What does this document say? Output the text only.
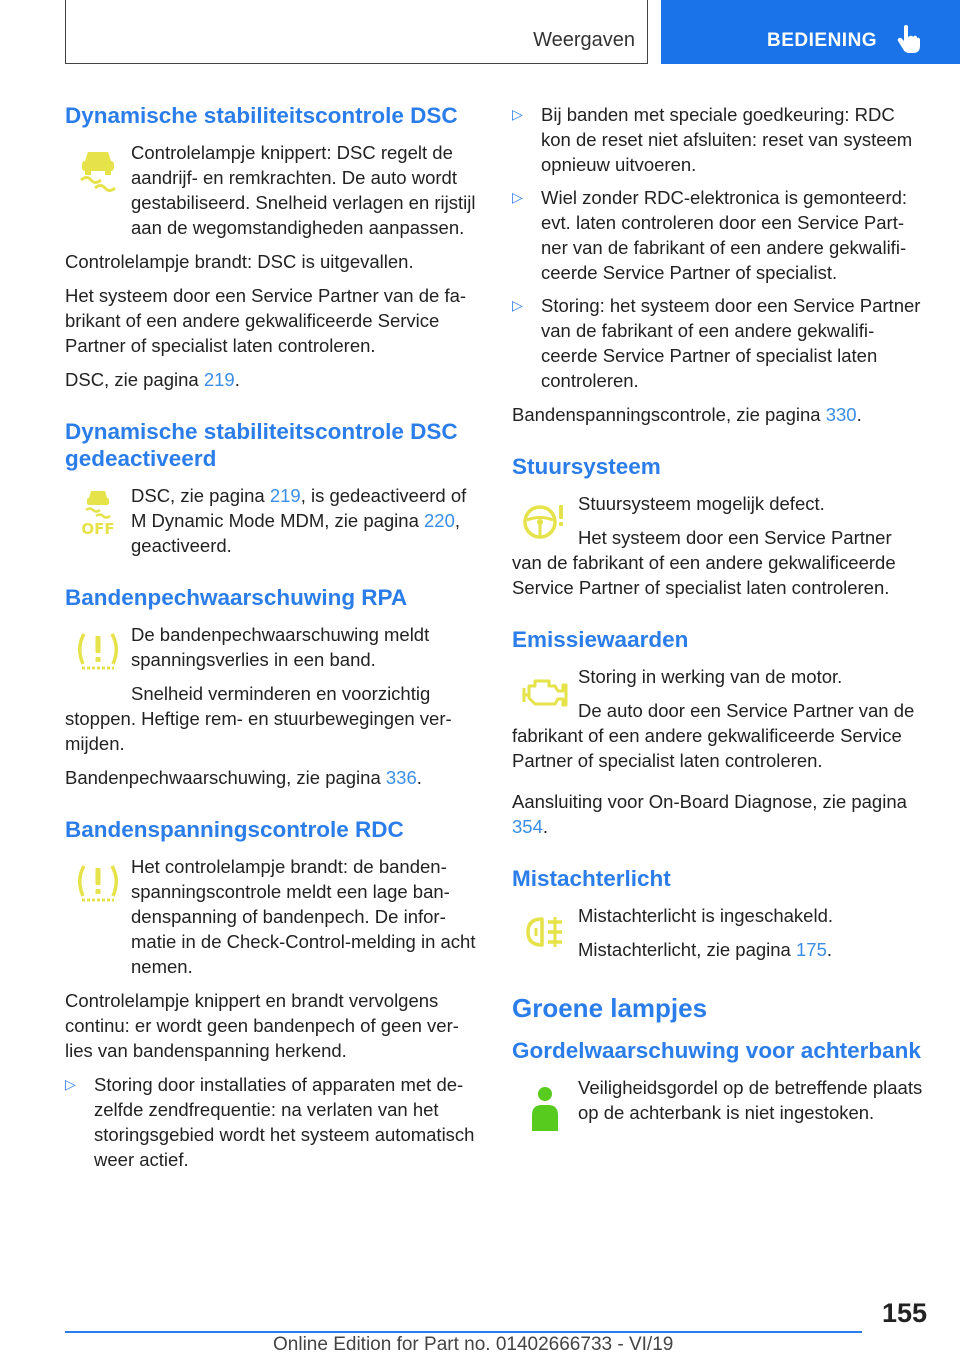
Weergaven	BEDIENING
Dynamische stabiliteitscontrole DSC

Controlelampje knippert: DSC regelt de aandrijf- en remkrachten. De auto wordt gestabiliseerd. Snelheid verlagen en rijstijl aan de wegomstandigheden aanpassen.

Controlelampje brandt: DSC is uitgevallen.

Het systeem door een Service Partner van de fabrikant of een andere gekwalificeerde Service Partner of specialist laten controleren.

DSC, zie pagina 219.

Dynamische stabiliteitscontrole DSC gedeactiveerd
OFF

DSC, zie pagina 219, is gedeactiveerd of M Dynamic Mode MDM, zie pagina 220, geactiveerd.

Bandenpechwaarschuwing RPA

De bandenpechwaarschuwing meldt spanningsverlies in een band.

Snelheid verminderen en voorzichtig stoppen. Heftige rem- en stuurbewegingen vermijden.

Bandenpechwaarschuwing, zie pagina 336.

Bandenspanningscontrole RDC

Het controlelampje brandt: de bandenspanningscontrole meldt een lage bandenspanning of bandenpech. De informatie in de Check-Control-melding in acht nemen.

Controlelampje knippert en brandt vervolgens continu: er wordt geen bandenpech of geen verlies van bandenspanning herkend.

▷ Storing door installaties of apparaten met dezelfde zendfrequentie: na verlaten van het storingsgebied wordt het systeem automatisch weer actief.
▷ Bij banden met speciale goedkeuring: RDC kon de reset niet afsluiten: reset van systeem opnieuw uitvoeren.
▷ Wiel zonder RDC-elektronica is gemonteerd: evt. laten controleren door een Service Partner van de fabrikant of een andere gekwalificeerde Service Partner of specialist.
▷ Storing: het systeem door een Service Partner van de fabrikant of een andere gekwalificeerde Service Partner of specialist laten controleren.

Bandenspanningscontrole, zie pagina 330.

Stuursysteem

Stuursysteem mogelijk defect.

Het systeem door een Service Partner van de fabrikant of een andere gekwalificeerde Service Partner of specialist laten controleren.

Emissiewaarden

Storing in werking van de motor.

De auto door een Service Partner van de fabrikant of een andere gekwalificeerde Service Partner of specialist laten controleren.

Aansluiting voor On-Board Diagnose, zie pagina 354.

Mistachterlicht

Mistachterlicht is ingeschakeld.

Mistachterlicht, zie pagina 175.

Groene lampjes
Gordelwaarschuwing voor achterbank

Veiligheidsgordel op de betreffende plaats op de achterbank is niet ingestoken.

155
Online Edition for Part no. 01402666733 - VI/19
